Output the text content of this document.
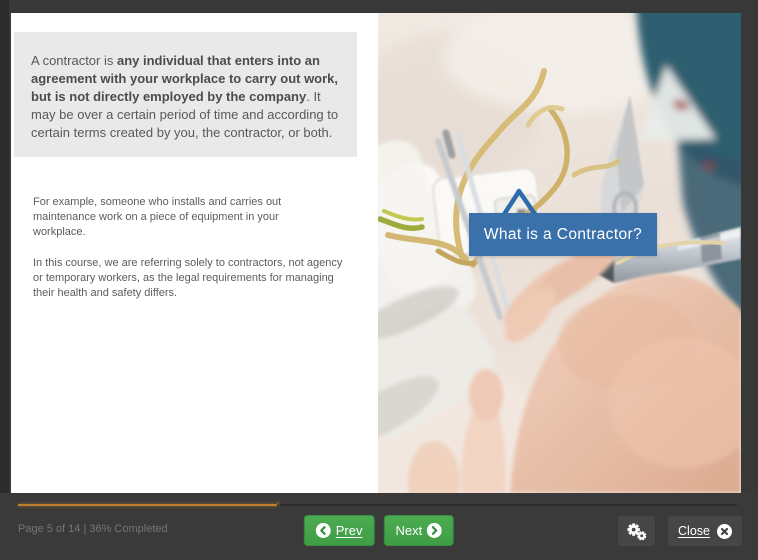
A contractor is any individual that enters into an agreement with your workplace to carry out work, but is not directly employed by the company. It may be over a certain period of time and according to certain terms created by you, the contractor, or both.

For example, someone who installs and carries out maintenance work on a piece of equipment in your workplace.

In this course, we are referring solely to contractors, not agency or temporary workers, as the legal requirements for managing their health and safety differs.

What is a Contractor?
✕
Page 5 of 14 | 36% Completed	Prev	Next	Close
